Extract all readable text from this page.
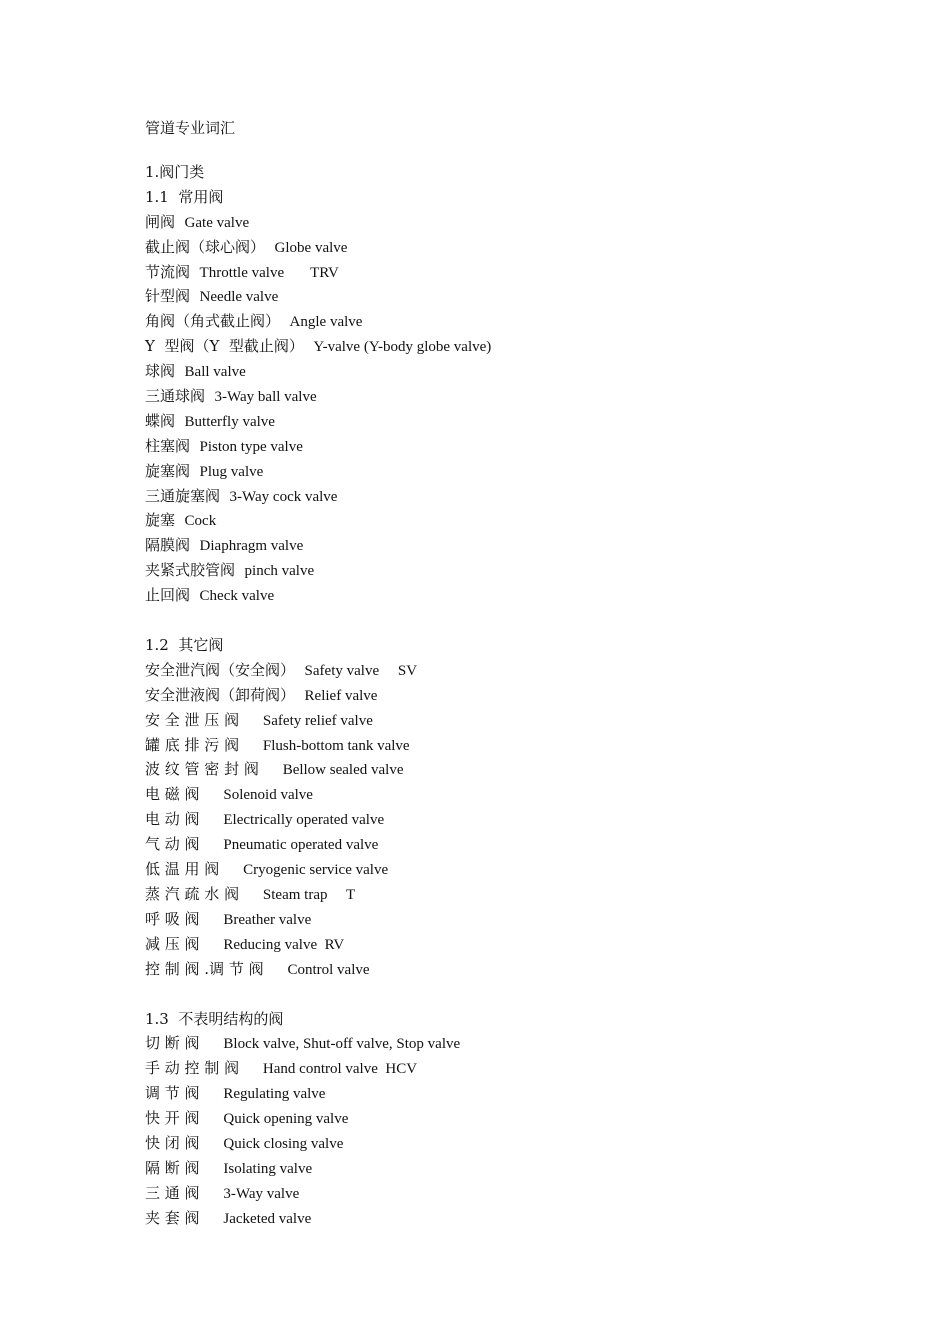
管道专业词汇
1.阀门类
1.1  常用阀
闸阀  Gate valve
截止阀（球心阀）  Globe valve
节流阀  Throttle valve       TRV
针型阀  Needle valve
角阀（角式截止阀）  Angle valve
Y  型阀（Y  型截止阀）  Y-valve (Y-body globe valve)
球阀  Ball valve
三通球阀  3-Way ball valve
蝶阀  Butterfly valve
柱塞阀  Piston type valve
旋塞阀  Plug valve
三通旋塞阀  3-Way cock valve
旋塞  Cock
隔膜阀  Diaphragm valve
夹紧式胶管阀  pinch valve
止回阀  Check valve
1.2  其它阀
安全泄汽阀（安全阀）  Safety valve     SV
安全泄液阀（卸荷阀）  Relief valve
安 全 泄 压 阀     Safety relief valve
罐 底 排 污 阀     Flush-bottom tank valve
波 纹 管 密 封 阀     Bellow sealed valve
电 磁 阀     Solenoid valve
电 动 阀     Electrically operated valve
气 动 阀     Pneumatic operated valve
低 温 用 阀     Cryogenic service valve
蒸 汽 疏 水 阀     Steam trap     T
呼 吸 阀     Breather valve
减 压 阀     Reducing valve  RV
控 制 阀 .调 节 阀     Control valve
1.3  不表明结构的阀
切 断 阀     Block valve, Shut-off valve, Stop valve
手 动 控 制 阀     Hand control valve  HCV
调 节 阀     Regulating valve
快 开 阀     Quick opening valve
快 闭 阀     Quick closing valve
隔 断 阀     Isolating valve
三 通 阀     3-Way valve
夹 套 阀     Jacketed valve
